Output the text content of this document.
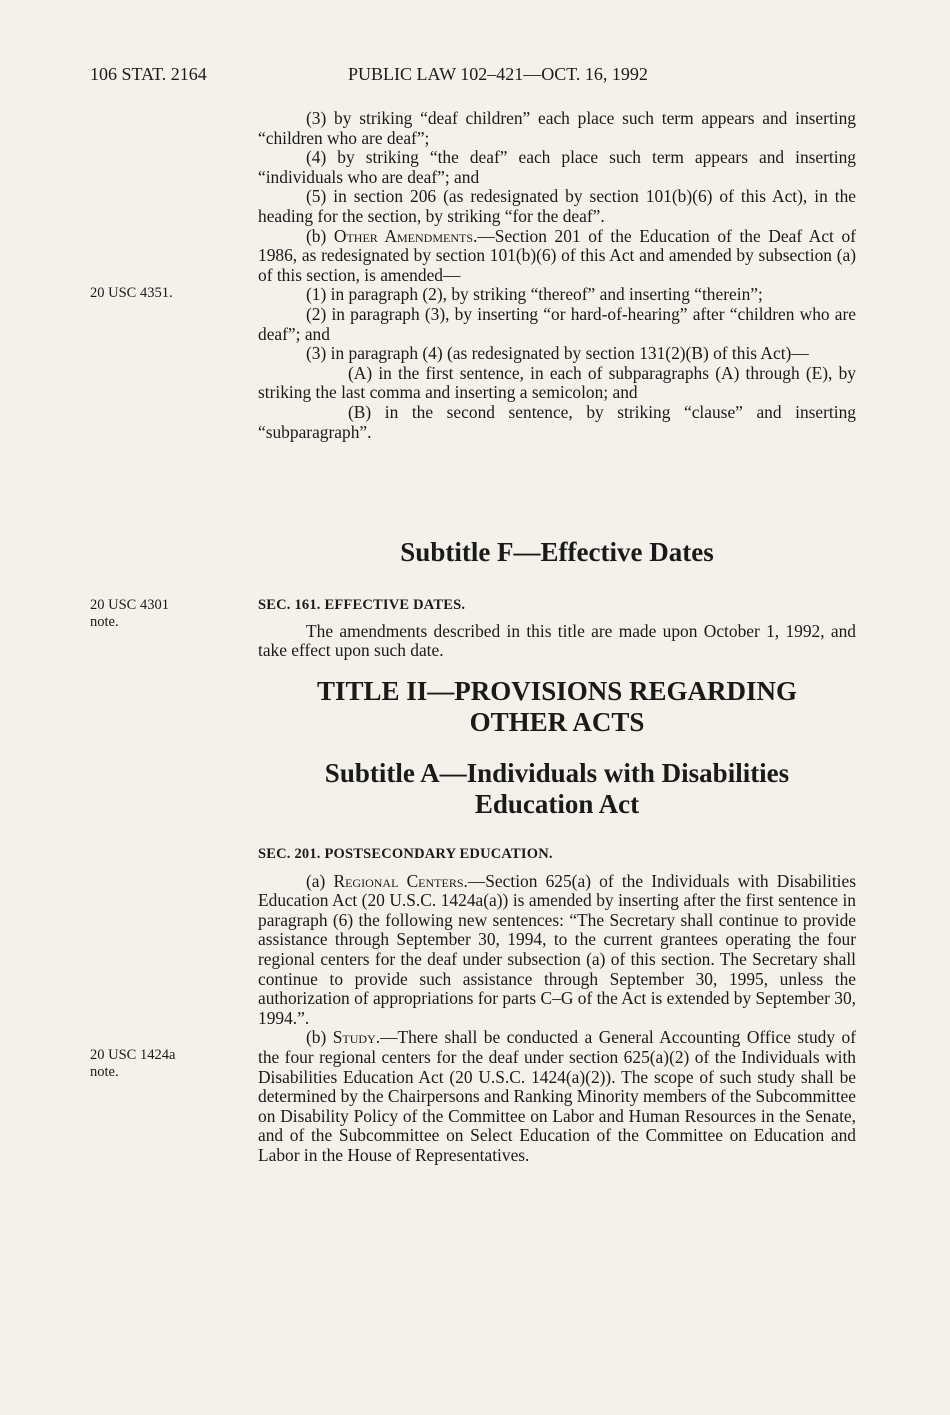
106 STAT. 2164	PUBLIC LAW 102–421—OCT. 16, 1992
20 USC 4351.
20 USC 4301
note.
20 USC 1424a
note.

(3) by striking “deaf children” each place such term appears and inserting “children who are deaf”;

(4) by striking “the deaf” each place such term appears and inserting “individuals who are deaf”; and

(5) in section 206 (as redesignated by section 101(b)(6) of this Act), in the heading for the section, by striking “for the deaf”.

(b) Other Amendments.—Section 201 of the Education of the Deaf Act of 1986, as redesignated by section 101(b)(6) of this Act and amended by subsection (a) of this section, is amended—

(1) in paragraph (2), by striking “thereof” and inserting “therein”;

(2) in paragraph (3), by inserting “or hard-of-hearing” after “children who are deaf”; and

(3) in paragraph (4) (as redesignated by section 131(2)(B) of this Act)—

(A) in the first sentence, in each of subparagraphs (A) through (E), by striking the last comma and inserting a semicolon; and

(B) in the second sentence, by striking “clause” and inserting “subparagraph”.

Subtitle F—Effective Dates

SEC. 161. EFFECTIVE DATES.

The amendments described in this title are made upon October 1, 1992, and take effect upon such date.

TITLE II—PROVISIONS REGARDING

OTHER ACTS

Subtitle A—Individuals with Disabilities

Education Act

SEC. 201. POSTSECONDARY EDUCATION.

(a) Regional Centers.—Section 625(a) of the Individuals with Disabilities Education Act (20 U.S.C. 1424a(a)) is amended by inserting after the first sentence in paragraph (6) the following new sentences: “The Secretary shall continue to provide assistance through September 30, 1994, to the current grantees operating the four regional centers for the deaf under subsection (a) of this section. The Secretary shall continue to provide such assistance through September 30, 1995, unless the authorization of appropriations for parts C–G of the Act is extended by September 30, 1994.”.

(b) Study.—There shall be conducted a General Accounting Office study of the four regional centers for the deaf under section 625(a)(2) of the Individuals with Disabilities Education Act (20 U.S.C. 1424(a)(2)). The scope of such study shall be determined by the Chairpersons and Ranking Minority members of the Subcommittee on Disability Policy of the Committee on Labor and Human Resources in the Senate, and of the Subcommittee on Select Education of the Committee on Education and Labor in the House of Representatives.
